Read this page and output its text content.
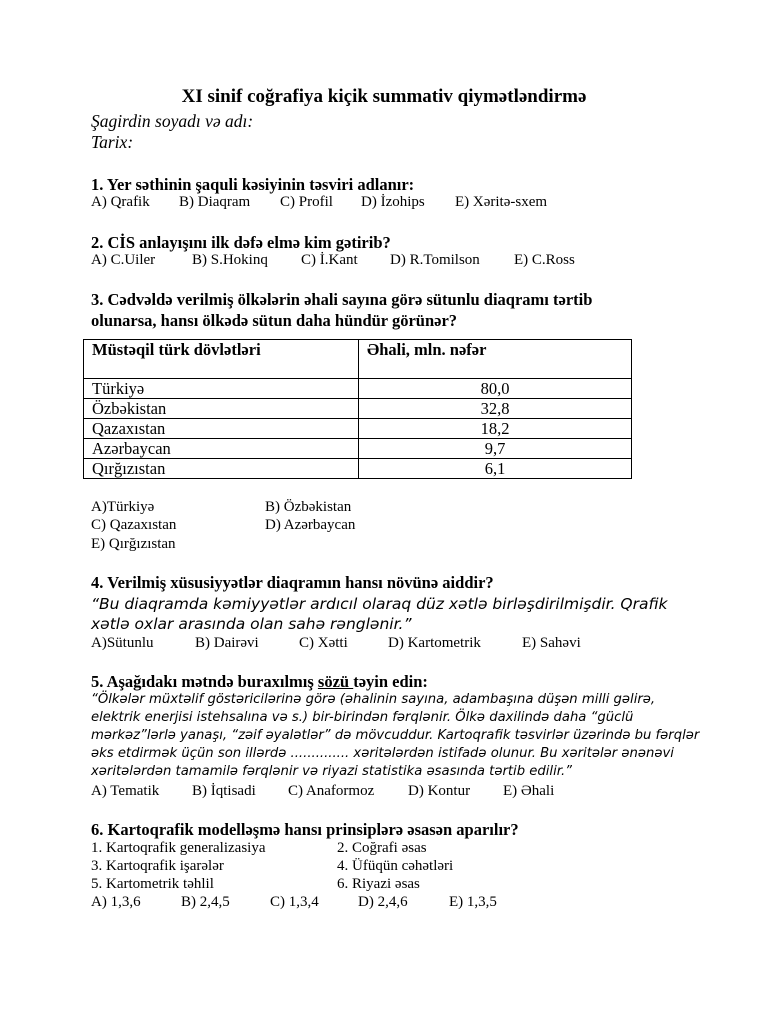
XI sinif coğrafiya kiçik summativ qiymətləndirmə
Şagirdin soyadı və adı:
Tarix:
1. Yer səthinin şaquli kəsiyinin təsviri adlanır:
A) Qrafik B) Diaqram C) Profil D) İzohips E) Xəritə-sxem
2. CİS anlayışını ilk dəfə elmə kim gətirib?
A) C.Uiler B) S.Hokinq C) İ.Kant D) R.Tomilson E) C.Ross
3. Cədvəldə verilmiş ölkələrin əhali sayına görə sütunlu diaqramı tərtib
olunarsa, hansı ölkədə sütun daha hündür görünər?
Müstəqil türk dövlətləri	Əhali, mln. nəfər
Türkiyə	80,0
Özbəkistan	32,8
Qazaxıstan	18,2
Azərbaycan	9,7
Qırğızıstan	6,1
A)Türkiyə	B) Özbəkistan
C) Qazaxıstan	D) Azərbaycan
E) Qırğızıstan
4. Verilmiş xüsusiyyətlər diaqramın hansı növünə aiddir?
“Bu diaqramda kəmiyyətlər ardıcıl olaraq düz xətlə birləşdirilmişdir. Qrafik
xətlə oxlar arasında olan sahə rənglənir.”
A)Sütunlu	B) Dairəvi	C) Xətti	D) Kartometrik	E) Sahəvi
5. Aşağıdakı mətndə buraxılmış sözü təyin edin:
“Ölkələr müxtəlif göstəricilərinə görə (əhalinin sayına, adambaşına düşən milli gəlirə,
elektrik enerjisi istehsalına və s.) bir-birindən fərqlənir. Ölkə daxilində daha “güclü
mərkəz”lərlə yanaşı, “zəif əyalətlər” də mövcuddur. Kartoqrafik təsvirlər üzərində bu fərqlər
əks etdirmək üçün son illərdə .............. xəritələrdən istifadə olunur. Bu xəritələr ənənəvi
xəritələrdən tamamilə fərqlənir və riyazi statistika əsasında tərtib edilir.”
A) Tematik B) İqtisadi C) Anaformoz D) Kontur E) Əhali
6. Kartoqrafik modelləşmə hansı prinsiplərə əsasən aparılır?
1. Kartoqrafik generalizasiya	2. Coğrafi əsas
3. Kartoqrafik işarələr	4. Üfüqün cəhətləri
5. Kartometrik təhlil	6. Riyazi əsas
A) 1,3,6	B) 2,4,5	C) 1,3,4	D) 2,4,6	E) 1,3,5
